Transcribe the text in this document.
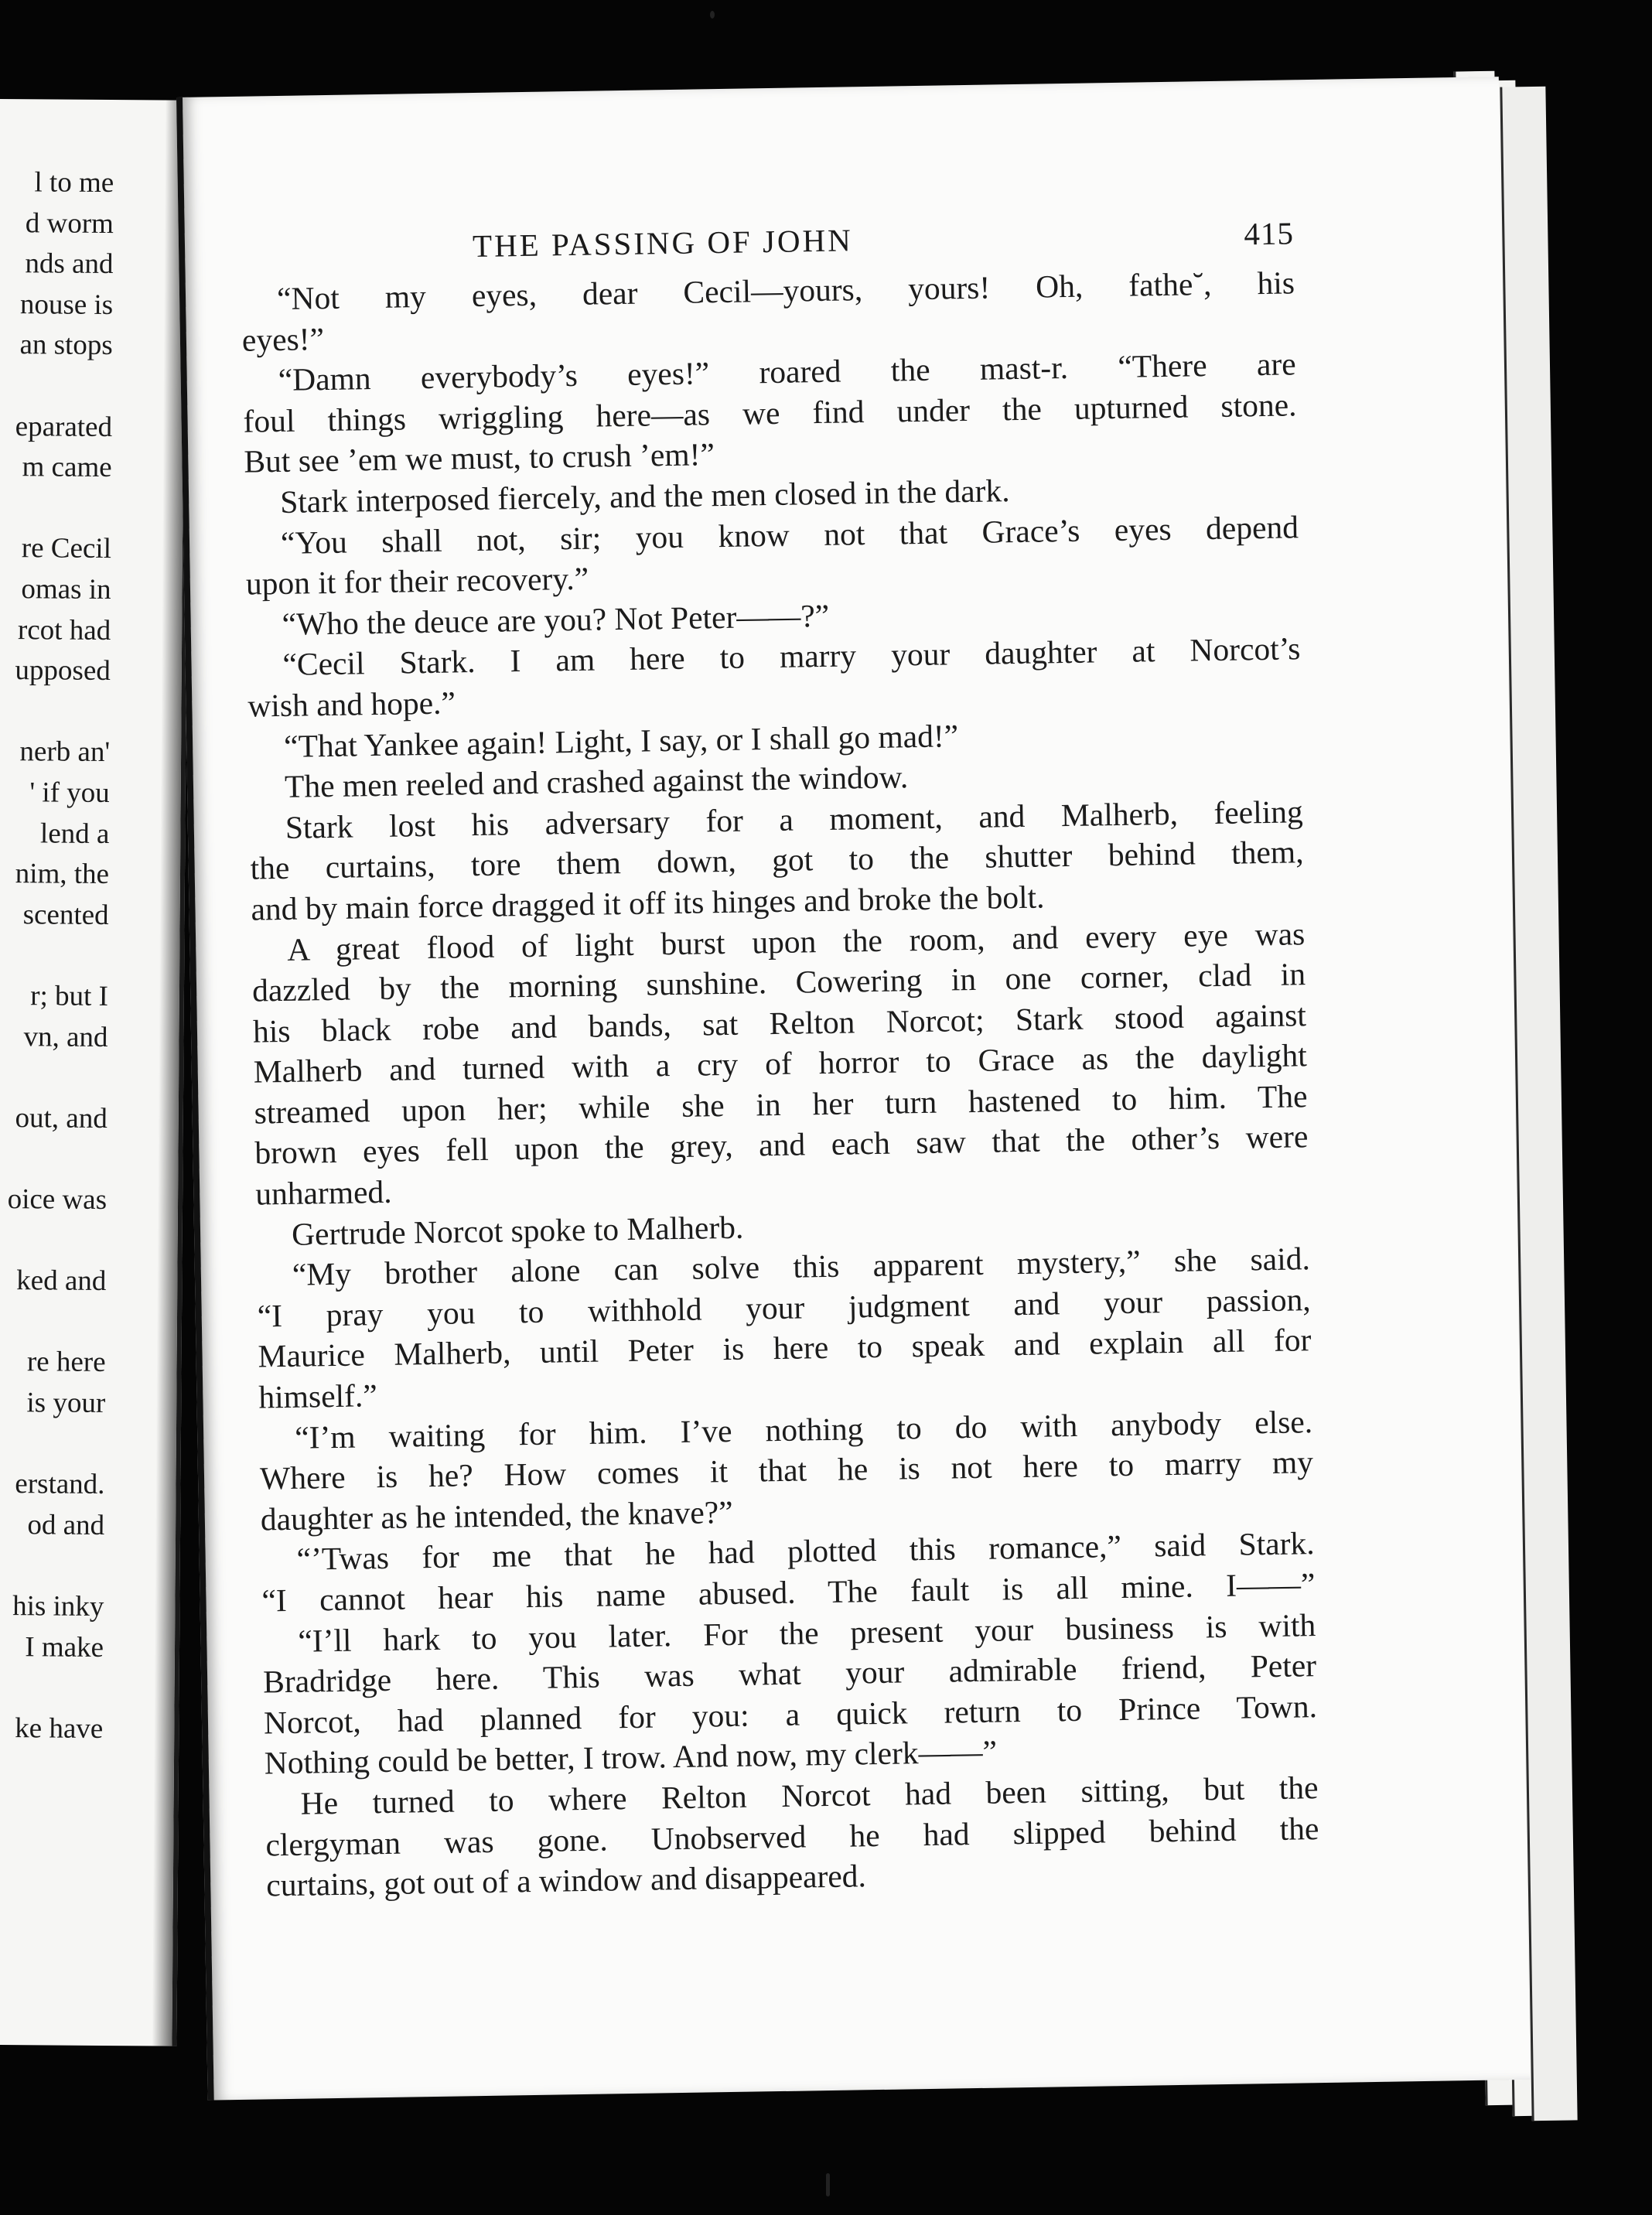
l to me
d worm
nds and
nouse is
an stops
eparated
m came
re Cecil
omas in
rcot had
upposed
nerb an'
' if you
lend a
nim, the
scented
r; but I
vn, and
out, and
oice was
ked and
re here
is your
erstand.
od and
his inky
I make
ke have
THE PASSING OF JOHN	415
“Not my eyes, dear Cecil—yours, yours! Oh, fathe˘, his
eyes!”
“Damn everybody’s eyes!” roared the mast‐r. “There are
foul things wriggling here—as we find under the upturned stone.
But see ’em we must, to crush ’em!”
Stark interposed fiercely, and the men closed in the dark.
“You shall not, sir; you know not that Grace’s eyes depend
upon it for their recovery.”
“Who the deuce are you? Not Peter——?”
“Cecil Stark. I am here to marry your daughter at Norcot’s
wish and hope.”
“That Yankee again! Light, I say, or I shall go mad!”
The men reeled and crashed against the window.
Stark lost his adversary for a moment, and Malherb, feeling
the curtains, tore them down, got to the shutter behind them,
and by main force dragged it off its hinges and broke the bolt.
A great flood of light burst upon the room, and every eye was
dazzled by the morning sunshine. Cowering in one corner, clad in
his black robe and bands, sat Relton Norcot; Stark stood against
Malherb and turned with a cry of horror to Grace as the daylight
streamed upon her; while she in her turn hastened to him. The
brown eyes fell upon the grey, and each saw that the other’s were
unharmed.
Gertrude Norcot spoke to Malherb.
“My brother alone can solve this apparent mystery,” she said.
“I pray you to withhold your judgment and your passion,
Maurice Malherb, until Peter is here to speak and explain all for
himself.”
“I’m waiting for him. I’ve nothing to do with anybody else.
Where is he? How comes it that he is not here to marry my
daughter as he intended, the knave?”
“’Twas for me that he had plotted this romance,” said Stark.
“I cannot hear his name abused. The fault is all mine. I——”
“I’ll hark to you later. For the present your business is with
Bradridge here. This was what your admirable friend, Peter
Norcot, had planned for you: a quick return to Prince Town.
Nothing could be better, I trow. And now, my clerk——”
He turned to where Relton Norcot had been sitting, but the
clergyman was gone. Unobserved he had slipped behind the
curtains, got out of a window and disappeared.
